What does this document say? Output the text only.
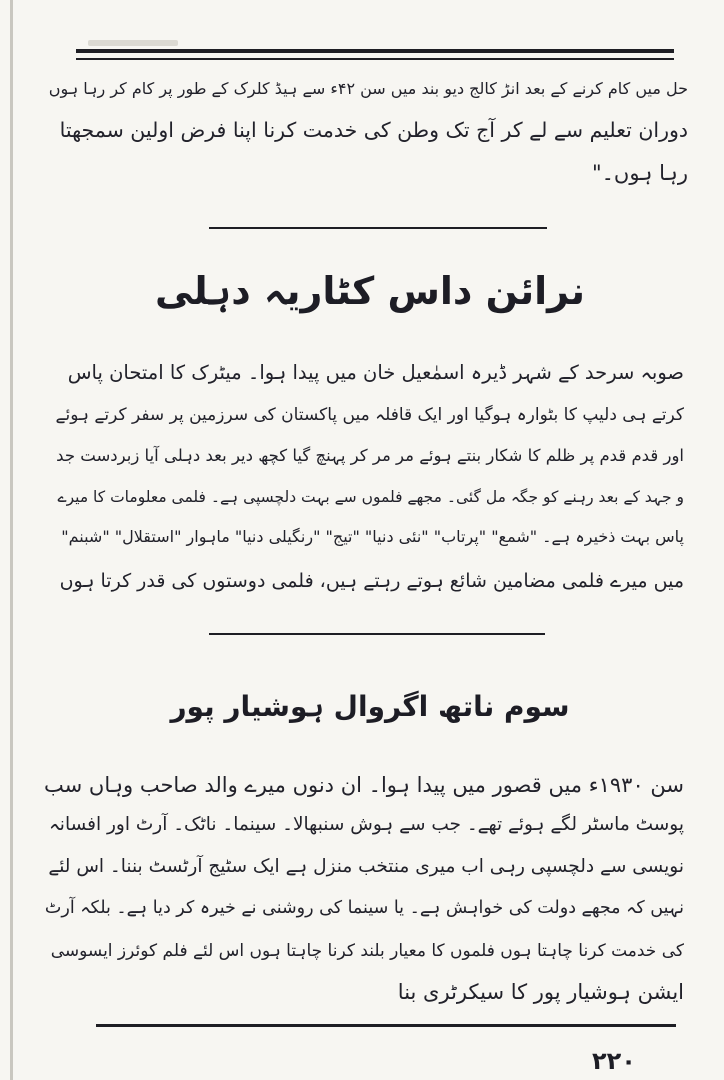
حل میں کام کرنے کے بعد انڑ کالج دیو بند میں سن ۴۲ء سے ہیڈ کلرک کے طور پر کام کر رہا ہوں
دوران تعلیم سے لے کر آج تک وطن کی خدمت کرنا اپنا فرض اولین سمجھتا
رہا ہوں۔"
نرائن داس کٹاریہ دہلی
صوبہ سرحد کے شہر ڈیرہ اسمٰعیل خان میں پیدا ہوا۔ میٹرک کا امتحان پاس
کرتے ہی دلیپ کا بٹوارہ ہوگیا اور ایک قافلہ میں پاکستان کی سرزمین پر سفر کرتے ہوئے
اور قدم قدم پر ظلم کا شکار بنتے ہوئے مر مر کر پہنچ گیا کچھ دیر بعد دہلی آیا زبردست جد
و جہد کے بعد رہنے کو جگہ مل گئی۔ مجھے فلموں سے بہت دلچسپی ہے۔ فلمی معلومات کا میرے
پاس بہت ذخیرہ ہے۔ "شمع" "پرتاب" "نئی دنیا" "تیج" "رنگیلی دنیا" ماہوار "استقلال" "شبنم"
میں میرے فلمی مضامین شائع ہوتے رہتے ہیں، فلمی دوستوں کی قدر کرتا ہوں
سوم ناتھ اگروال ہوشیار پور
سن ۱۹۳۰ء میں قصور میں پیدا ہوا۔ ان دنوں میرے والد صاحب وہاں سب
پوسٹ ماسٹر لگے ہوئے تھے۔ جب سے ہوش سنبھالا۔ سینما۔ ناٹک۔ آرٹ اور افسانہ
نویسی سے دلچسپی رہی اب میری منتخب منزل ہے ایک سٹیج آرٹسٹ بننا۔ اس لئے
نہیں کہ مجھے دولت کی خواہش ہے۔ یا سینما کی روشنی نے خیرہ کر دیا ہے۔ بلکہ آرٹ
کی خدمت کرنا چاہتا ہوں فلموں کا معیار بلند کرنا چاہتا ہوں اس لئے فلم کوئرز ایسوسی
ایشن ہوشیار پور کا سیکرٹری بنا
۲۲۰
